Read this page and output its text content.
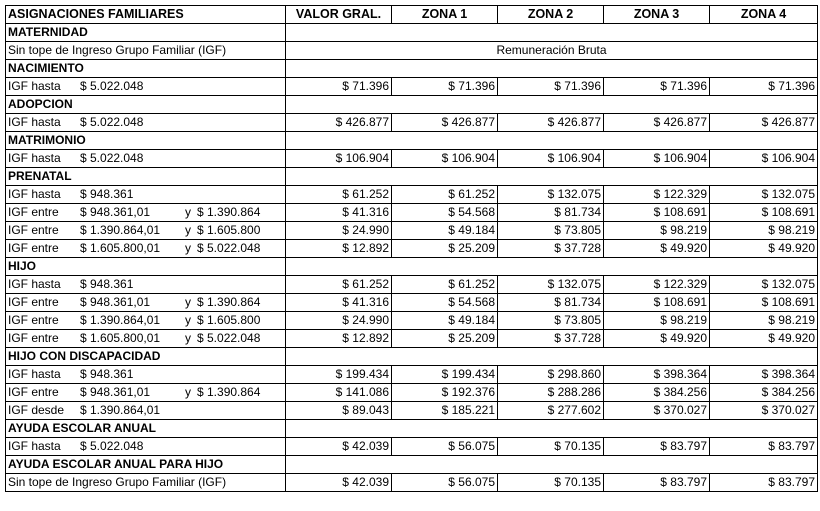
ASIGNACIONES FAMILIARES	VALOR GRAL.	ZONA 1	ZONA 2	ZONA 3	ZONA 4
MATERNIDAD					
Sin tope de Ingreso Grupo Familiar (IGF)	Remuneración Bruta				
NACIMIENTO					
IGF hasta $ 5.022.048	$ 71.396	$ 71.396	$ 71.396	$ 71.396	$ 71.396
ADOPCION					
IGF hasta $ 5.022.048	$ 426.877	$ 426.877	$ 426.877	$ 426.877	$ 426.877
MATRIMONIO					
IGF hasta $ 5.022.048	$ 106.904	$ 106.904	$ 106.904	$ 106.904	$ 106.904
PRENATAL					
IGF hasta $ 948.361	$ 61.252	$ 61.252	$ 132.075	$ 122.329	$ 132.075
IGF entre $ 948.361,01 y $ 1.390.864	$ 41.316	$ 54.568	$ 81.734	$ 108.691	$ 108.691
IGF entre $ 1.390.864,01 y $ 1.605.800	$ 24.990	$ 49.184	$ 73.805	$ 98.219	$ 98.219
IGF entre $ 1.605.800,01 y $ 5.022.048	$ 12.892	$ 25.209	$ 37.728	$ 49.920	$ 49.920
HIJO					
IGF hasta $ 948.361	$ 61.252	$ 61.252	$ 132.075	$ 122.329	$ 132.075
IGF entre $ 948.361,01 y $ 1.390.864	$ 41.316	$ 54.568	$ 81.734	$ 108.691	$ 108.691
IGF entre $ 1.390.864,01 y $ 1.605.800	$ 24.990	$ 49.184	$ 73.805	$ 98.219	$ 98.219
IGF entre $ 1.605.800,01 y $ 5.022.048	$ 12.892	$ 25.209	$ 37.728	$ 49.920	$ 49.920
HIJO CON DISCAPACIDAD					
IGF hasta $ 948.361	$ 199.434	$ 199.434	$ 298.860	$ 398.364	$ 398.364
IGF entre $ 948.361,01 y $ 1.390.864	$ 141.086	$ 192.376	$ 288.286	$ 384.256	$ 384.256
IGF desde $ 1.390.864,01	$ 89.043	$ 185.221	$ 277.602	$ 370.027	$ 370.027
AYUDA ESCOLAR ANUAL					
IGF hasta $ 5.022.048	$ 42.039	$ 56.075	$ 70.135	$ 83.797	$ 83.797
AYUDA ESCOLAR ANUAL PARA HIJO					
Sin tope de Ingreso Grupo Familiar (IGF)	$ 42.039	$ 56.075	$ 70.135	$ 83.797	$ 83.797
